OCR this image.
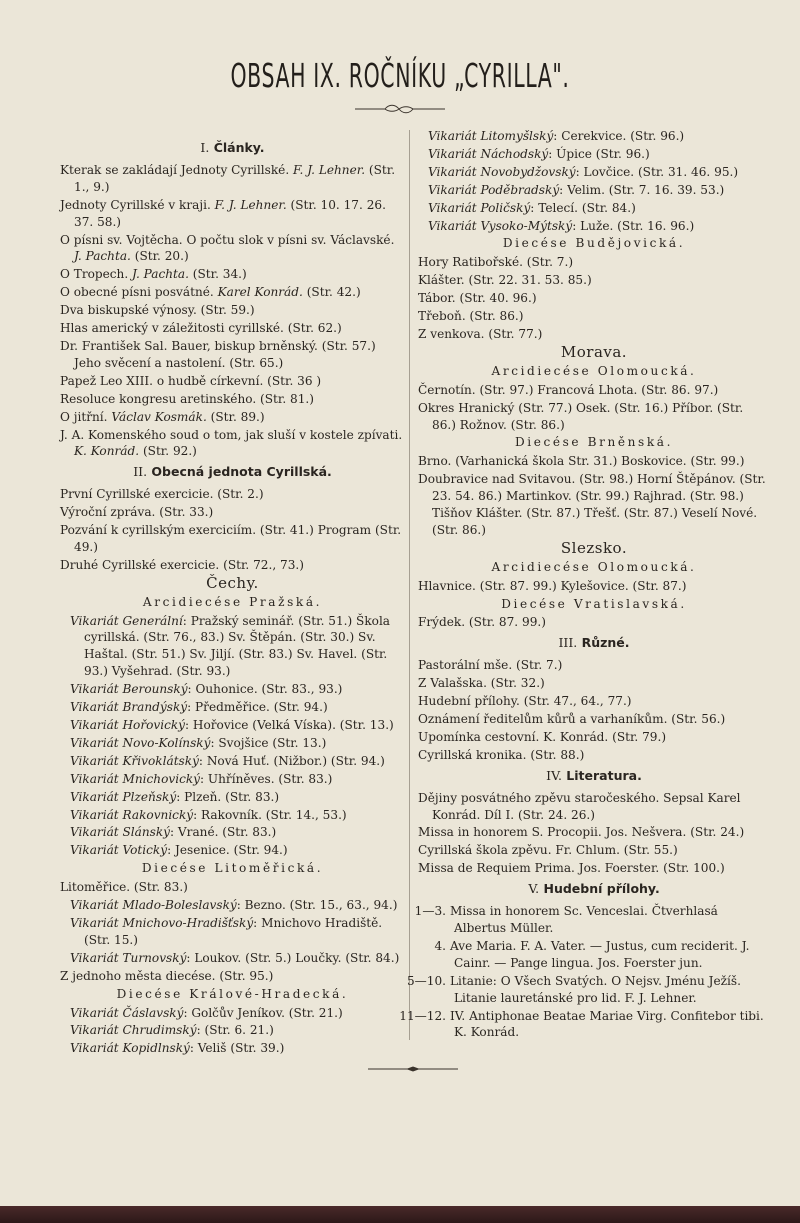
OBSAH IX. ROČNÍKU „CYRILLA".
I. Články.
Kterak se zakládají Jednoty Cyrillské. F. J. Lehner. (Str. 1., 9.)
Jednoty Cyrillské v kraji. F. J. Lehner. (Str. 10. 17. 26. 37. 58.)
O písni sv. Vojtěcha. O počtu slok v písni sv. Václavské. J. Pachta. (Str. 20.)
O Tropech. J. Pachta. (Str. 34.)
O obecné písni posvátné. Karel Konrád. (Str. 42.)
Dva biskupské výnosy. (Str. 59.)
Hlas americký v záležitosti cyrillské. (Str. 62.)
Dr. František Sal. Bauer, biskup brněnský. (Str. 57.) Jeho svěcení a nastolení. (Str. 65.)
Papež Leo XIII. o hudbě církevní. (Str. 36 )
Resoluce kongresu aretinského. (Str. 81.)
O jitřní. Václav Kosmák. (Str. 89.)
J. A. Komenského soud o tom, jak sluší v kostele zpívati. K. Konrád. (Str. 92.)
II. Obecná jednota Cyrillská.
První Cyrillské exercicie. (Str. 2.)
Výroční zpráva. (Str. 33.)
Pozvání k cyrillským exerciciím. (Str. 41.) Program (Str. 49.)
Druhé Cyrillské exercicie. (Str. 72., 73.)
Čechy.
Arcidiecése Pražská.
Vikariát Generální: Pražský seminář. (Str. 51.) Škola cyrillská. (Str. 76., 83.) Sv. Štěpán. (Str. 30.) Sv. Haštal. (Str. 51.) Sv. Jiljí. (Str. 83.) Sv. Havel. (Str. 93.) Vyšehrad. (Str. 93.)
Vikariát Berounský: Ouhonice. (Str. 83., 93.)
Vikariát Brandýský: Předměřice. (Str. 94.)
Vikariát Hořovický: Hořovice (Velká Víska). (Str. 13.)
Vikariát Novo-Kolínský: Svojšice (Str. 13.)
Vikariát Křivoklátský: Nová Huť. (Nižbor.) (Str. 94.)
Vikariát Mnichovický: Uhříněves. (Str. 83.)
Vikariát Plzeňský: Plzeň. (Str. 83.)
Vikariát Rakovnický: Rakovník. (Str. 14., 53.)
Vikariát Slánský: Vrané. (Str. 83.)
Vikariát Votický: Jesenice. (Str. 94.)
Diecése Litoměřická.
Litoměřice. (Str. 83.)
Vikariát Mlado-Boleslavský: Bezno. (Str. 15., 63., 94.)
Vikariát Mnichovo-Hradišťský: Mnichovo Hradiště. (Str. 15.)
Vikariát Turnovský: Loukov. (Str. 5.) Loučky. (Str. 84.)
Z jednoho města diecése. (Str. 95.)
Diecése Králové-Hradecká.
Vikariát Čáslavský: Golčův Jeníkov. (Str. 21.)
Vikariát Chrudimský: (Str. 6. 21.)
Vikariát Kopidlnský: Veliš (Str. 39.)
Vikariát Litomyšlský: Cerekvice. (Str. 96.)
Vikariát Náchodský: Úpice (Str. 96.)
Vikariát Novobydžovský: Lovčice. (Str. 31. 46. 95.)
Vikariát Poděbradský: Velim. (Str. 7. 16. 39. 53.)
Vikariát Poličský: Telecí. (Str. 84.)
Vikariát Vysoko-Mýtský: Luže. (Str. 16. 96.)
Diecése Budějovická.
Hory Ratibořské. (Str. 7.)
Klášter. (Str. 22. 31. 53. 85.)
Tábor. (Str. 40. 96.)
Třeboň. (Str. 86.)
Z venkova. (Str. 77.)
Morava.
Arcidiecése Olomoucká.
Černotín. (Str. 97.) Francová Lhota. (Str. 86. 97.)
Okres Hranický (Str. 77.) Osek. (Str. 16.) Příbor. (Str. 86.) Rožnov. (Str. 86.)
Diecése Brněnská.
Brno. (Varhanická škola Str. 31.) Boskovice. (Str. 99.)
Doubravice nad Svitavou. (Str. 98.) Horní Štěpánov. (Str. 23. 54. 86.) Martinkov. (Str. 99.) Rajhrad. (Str. 98.) Tišňov Klášter. (Str. 87.) Třešť. (Str. 87.) Veselí Nové. (Str. 86.)
Slezsko.
Arcidiecése Olomoucká.
Hlavnice. (Str. 87. 99.) Kylešovice. (Str. 87.)
Diecése Vratislavská.
Frýdek. (Str. 87. 99.)
III. Různé.
Pastorální mše. (Str. 7.)
Z Valašska. (Str. 32.)
Hudební přílohy. (Str. 47., 64., 77.)
Oznámení ředitelům kůrů a varhaníkům. (Str. 56.)
Upomínka cestovní. K. Konrád. (Str. 79.)
Cyrillská kronika. (Str. 88.)
IV. Literatura.
Dějiny posvátného zpěvu staročeského. Sepsal Karel Konrád. Díl I. (Str. 24. 26.)
Missa in honorem S. Procopii. Jos. Nešvera. (Str. 24.)
Cyrillská škola zpěvu. Fr. Chlum. (Str. 55.)
Missa de Requiem Prima. Jos. Foerster. (Str. 100.)
V. Hudební přílohy.
1—3. Missa in honorem Sc. Venceslai. Čtverhlasá Albertus Müller.
4. Ave Maria. F. A. Vater. — Justus, cum reciderit. J. Cainr. — Pange lingua. Jos. Foerster jun.
5—10. Litanie: O Všech Svatých. O Nejsv. Jménu Ježíš. Litanie lauretánské pro lid. F. J. Lehner.
11—12. IV. Antiphonae Beatae Mariae Virg. Confitebor tibi. K. Konrád.
